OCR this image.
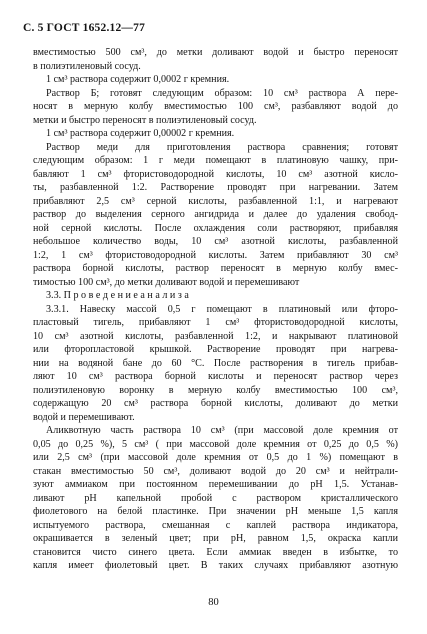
С. 5 ГОСТ 1652.12—77
вместимостью 500 см³, до метки доливают водой и быстро переносят
в полиэтиленовый сосуд.
1 см³ раствора содержит 0,0002 г кремния.
Раствор Б; готовят следующим образом: 10 см³ раствора А пере-
носят в мерную колбу вместимостью 100 см³, разбавляют водой до
метки и быстро переносят в полиэтиленовый сосуд.
1 см³ раствора содержит 0,00002 г кремния.
Раствор меди для приготовления раствора сравнения; готовят
следующим образом: 1 г меди помещают в платиновую чашку, при-
бавляют 1 см³ фтористоводородной кислоты, 10 см³ азотной кисло-
ты, разбавленной 1:2. Растворение проводят при нагревании. Затем
прибавляют 2,5 см³ серной кислоты, разбавленной 1:1, и нагревают
раствор до выделения серного ангидрида и далее до удаления свобод-
ной серной кислоты. После охлаждения соли растворяют, прибавляя
небольшое количество воды, 10 см³ азотной кислоты, разбавленной
1:2, 1 см³ фтористоводородной кислоты. Затем прибавляют 30 см³
раствора борной кислоты, раствор переносят в мерную колбу вмес-
тимостью 100 см³, до метки доливают водой и перемешивают
3.3. П р о в е д е н и е а н а л и з а
3.3.1. Навеску массой 0,5 г помещают в платиновый или фторо-
пластовый тигель, прибавляют 1 см³ фтористоводородной кислоты,
10 см³ азотной кислоты, разбавленной 1:2, и накрывают платиновой
или фторопластовой крышкой. Растворение проводят при нагрева-
нии на водяной бане до 60 °С. После растворения в тигель прибав-
ляют 10 см³ раствора борной кислоты и переносят раствор через
полиэтиленовую воронку в мерную колбу вместимостью 100 см³,
содержащую 20 см³ раствора борной кислоты, доливают до метки
водой и перемешивают.
Аликвотную часть раствора 10 см³ (при массовой доле кремния от
0,05 до 0,25 %), 5 см³ ( при массовой доле кремния от 0,25 до 0,5 %)
или 2,5 см³ (при массовой доле кремния от 0,5 до 1 %) помещают в
стакан вместимостью 50 см³, доливают водой до 20 см³ и нейтрали-
зуют аммиаком при постоянном перемешивании до рН 1,5. Устанав-
ливают рН капельной пробой с раствором кристаллического
фиолетового на белой пластинке. При значении рН меньше 1,5 капля
испытуемого раствора, смешанная с каплей раствора индикатора,
окрашивается в зеленый цвет; при рН, равном 1,5, окраска капли
становится чисто синего цвета. Если аммиак введен в избытке, то
капля имеет фиолетовый цвет. В таких случаях прибавляют азотную
80
